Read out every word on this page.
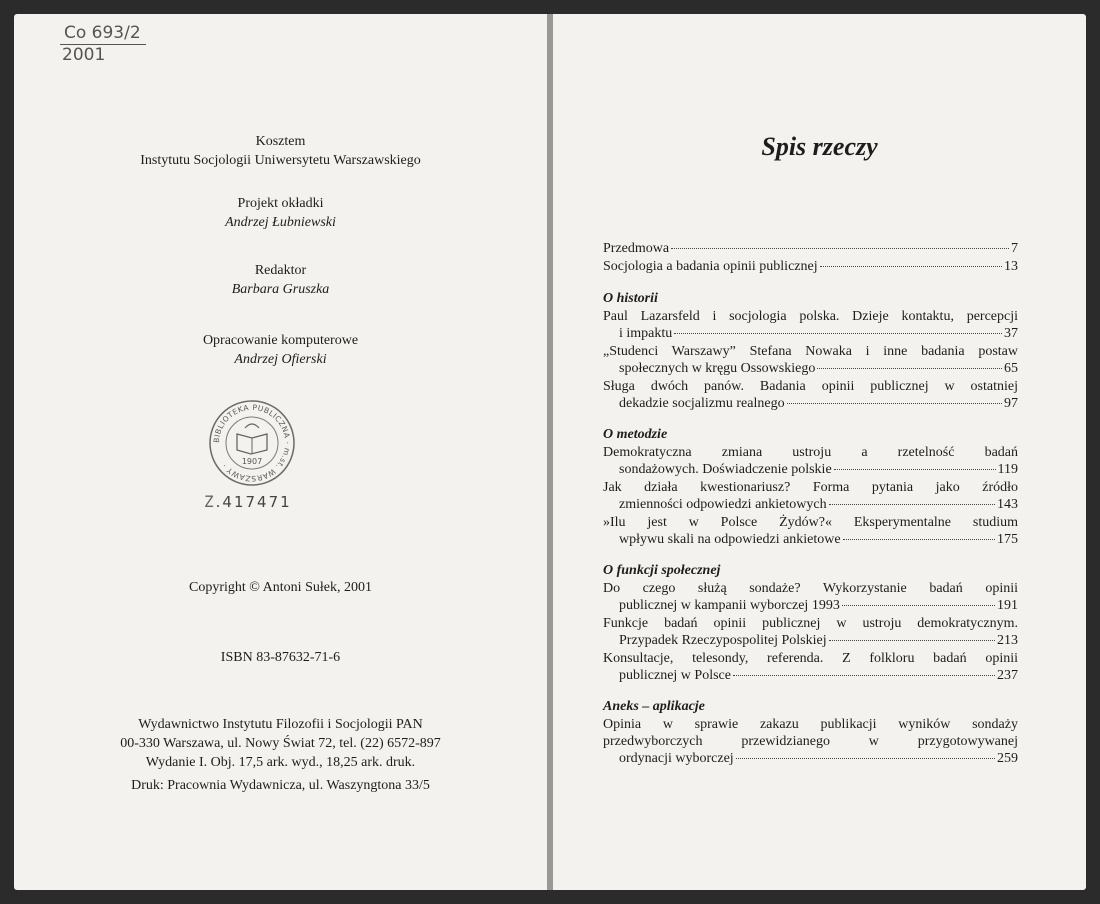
Co 693/2
2001
Kosztem
Instytutu Socjologii Uniwersytetu Warszawskiego
Projekt okładki
Andrzej Łubniewski
Redaktor
Barbara Gruszka
Opracowanie komputerowe
Andrzej Ofierski
BIBLIOTEKA PUBLICZNA · m.st. WARSZAWY ·	1907
Z.417471
Copyright © Antoni Sułek, 2001
ISBN 83-87632-71-6
Wydawnictwo Instytutu Filozofii i Socjologii PAN
00-330 Warszawa, ul. Nowy Świat 72, tel. (22) 6572-897
Wydanie I. Obj. 17,5 ark. wyd., 18,25 ark. druk.
Druk: Pracownia Wydawnicza, ul. Waszyngtona 33/5
Spis rzeczy
Przedmowa	7
Socjologia a badania opinii publicznej	13
O historii
Paul Lazarsfeld i socjologia polska. Dzieje kontaktu, percepcji
i impaktu	37
„Studenci Warszawy” Stefana Nowaka i inne badania postaw
społecznych w kręgu Ossowskiego	65
Sługa dwóch panów. Badania opinii publicznej w ostatniej
dekadzie socjalizmu realnego	97
O metodzie
Demokratyczna zmiana ustroju a rzetelność badań
sondażowych. Doświadczenie polskie	119
Jak działa kwestionariusz? Forma pytania jako źródło
zmienności odpowiedzi ankietowych	143
»Ilu jest w Polsce Żydów?« Eksperymentalne studium
wpływu skali na odpowiedzi ankietowe	175
O funkcji społecznej
Do czego służą sondaże? Wykorzystanie badań opinii
publicznej w kampanii wyborczej 1993	191
Funkcje badań opinii publicznej w ustroju demokratycznym.
Przypadek Rzeczypospolitej Polskiej	213
Konsultacje, telesondy, referenda. Z folkloru badań opinii
publicznej w Polsce	237
Aneks – aplikacje
Opinia w sprawie zakazu publikacji wyników sondaży
przedwyborczych przewidzianego w przygotowywanej
ordynacji wyborczej	259
